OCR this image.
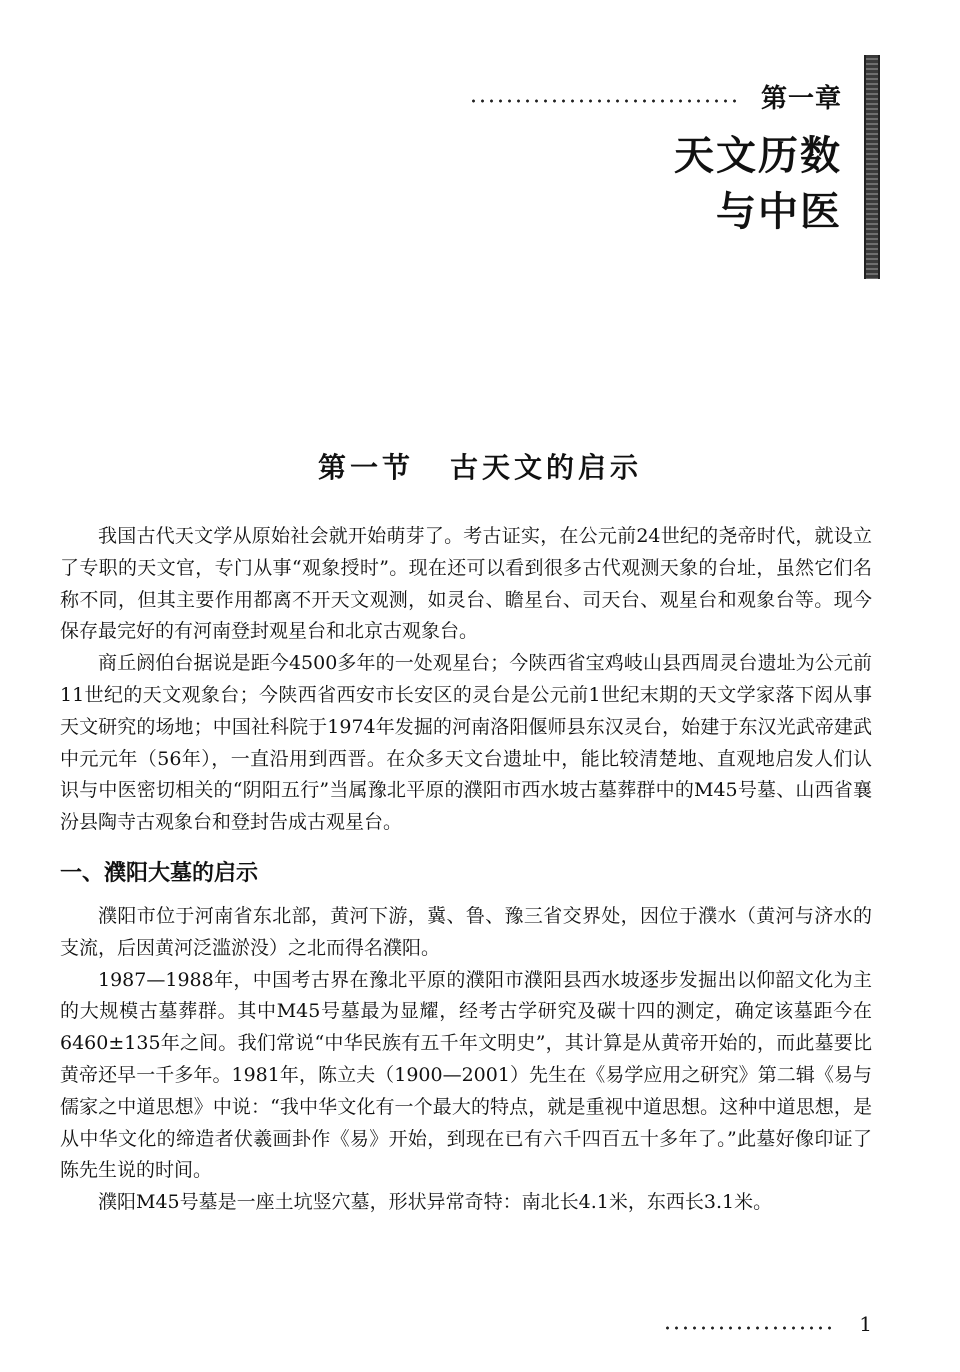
第一章
天文历数
与中医
第一节 古天文的启示

我国古代天文学从原始社会就开始萌芽了。考古证实，在公元前24世纪的尧帝时代，就设立了专职的天文官，专门从事“观象授时”。现在还可以看到很多古代观测天象的台址，虽然它们名称不同，但其主要作用都离不开天文观测，如灵台、瞻星台、司天台、观星台和观象台等。现今保存最完好的有河南登封观星台和北京古观象台。

商丘阏伯台据说是距今4500多年的一处观星台；今陕西省宝鸡岐山县西周灵台遗址为公元前11世纪的天文观象台；今陕西省西安市长安区的灵台是公元前1世纪末期的天文学家落下闳从事天文研究的场地；中国社科院于1974年发掘的河南洛阳偃师县东汉灵台，始建于东汉光武帝建武中元元年（56年），一直沿用到西晋。在众多天文台遗址中，能比较清楚地、直观地启发人们认识与中医密切相关的“阴阳五行”当属豫北平原的濮阳市西水坡古墓葬群中的M45号墓、山西省襄汾县陶寺古观象台和登封告成古观星台。

一、濮阳大墓的启示

濮阳市位于河南省东北部，黄河下游，冀、鲁、豫三省交界处，因位于濮水（黄河与济水的支流，后因黄河泛滥淤没）之北而得名濮阳。

1987—1988年，中国考古界在豫北平原的濮阳市濮阳县西水坡逐步发掘出以仰韶文化为主的大规模古墓葬群。其中M45号墓最为显耀，经考古学研究及碳十四的测定，确定该墓距今在6460±135年之间。我们常说“中华民族有五千年文明史”，其计算是从黄帝开始的，而此墓要比黄帝还早一千多年。1981年，陈立夫（1900—2001）先生在《易学应用之研究》第二辑《易与儒家之中道思想》中说：“我中华文化有一个最大的特点，就是重视中道思想。这种中道思想，是从中华文化的缔造者伏羲画卦作《易》开始，到现在已有六千四百五十多年了。”此墓好像印证了陈先生说的时间。

濮阳M45号墓是一座土坑竖穴墓，形状异常奇特：南北长4.1米，东西长3.1米。

1
